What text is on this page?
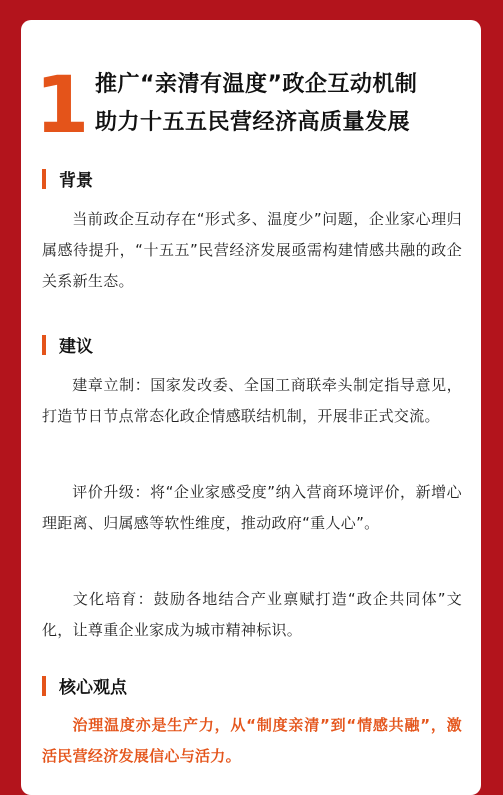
1 推广“亲清有温度”政企互动机制
助力十五五民营经济高质量发展
背景
当前政企互动存在“形式多、温度少”问题，企业家心理归属感待提升，“十五五”民营经济发展亟需构建情感共融的政企关系新生态。
建议
建章立制：国家发改委、全国工商联牵头制定指导意见，打造节日节点常态化政企情感联结机制，开展非正式交流。
评价升级：将“企业家感受度”纳入营商环境评价，新增心理距离、归属感等软性维度，推动政府“重人心”。
文化培育：鼓励各地结合产业禀赋打造“政企共同体”文化，让尊重企业家成为城市精神标识。
核心观点
治理温度亦是生产力，从“制度亲清”到“情感共融”，激活民营经济发展信心与活力。
